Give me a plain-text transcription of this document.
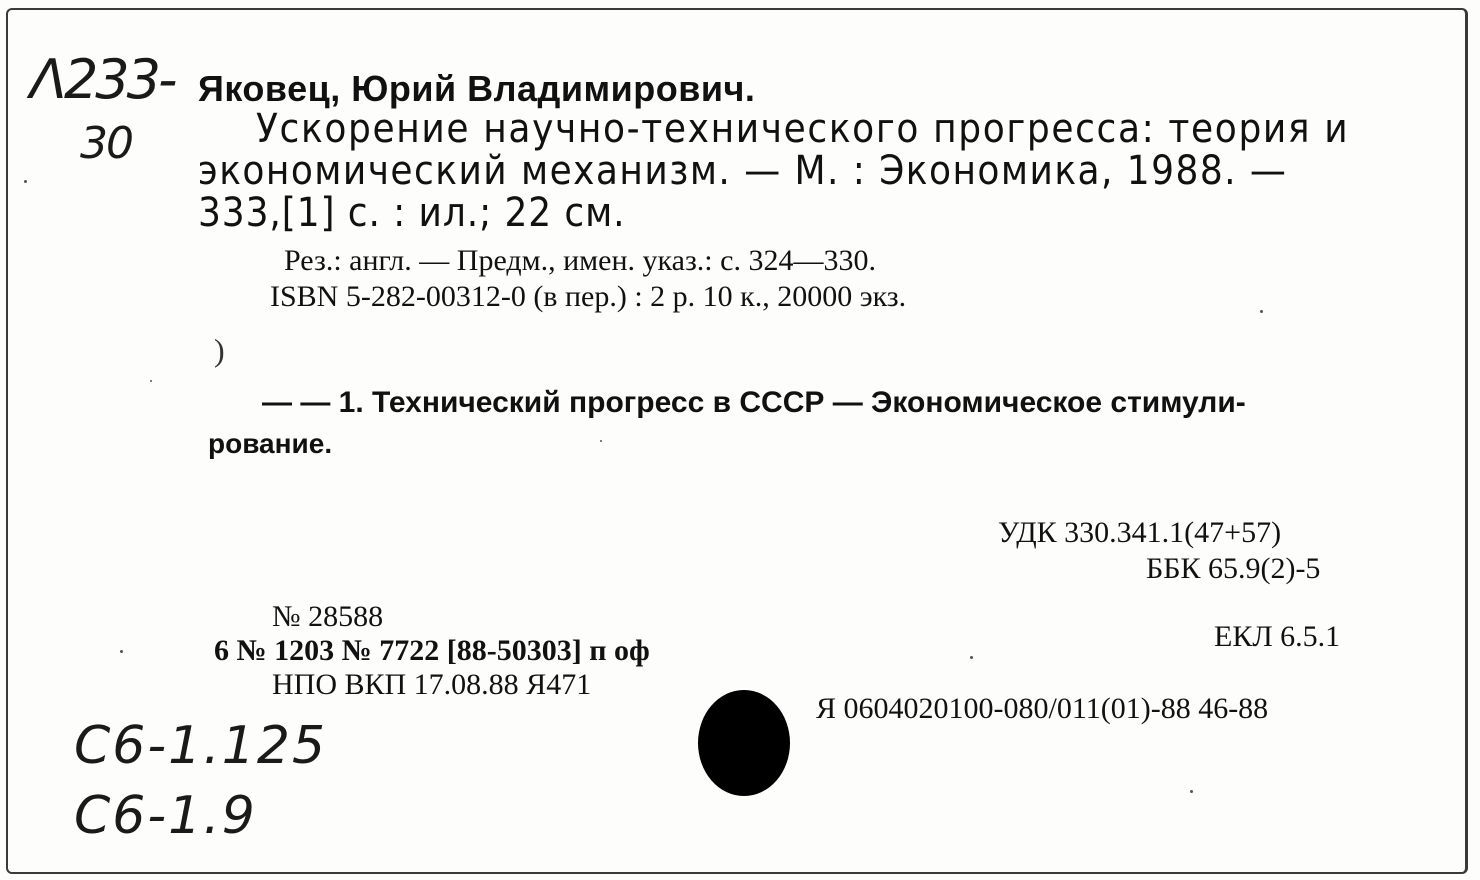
Λ233-
30
Яковец, Юрий Владимирович.
Ускорение научно-технического прогресса: теория и
экономический механизм. — М. : Экономика, 1988. —
333,[1] с. : ил.; 22 см.
Рез.: англ. — Предм., имен. указ.: с. 324—330.
ISBN 5-282-00312-0 (в пер.) : 2 р. 10 к., 20000 экз.
)
— — 1. Технический прогресс в СССР — Экономическое стимули-
рование.
УДК 330.341.1(47+57)
ББК 65.9(2)-5
ЕКЛ 6.5.1
Я 0604020100-080/011(01)-88 46-88
№ 28588
6 № 1203 № 7722 [88-50303] п оф
НПО ВКП 17.08.88 Я471
C6-1.125
C6-1.9
